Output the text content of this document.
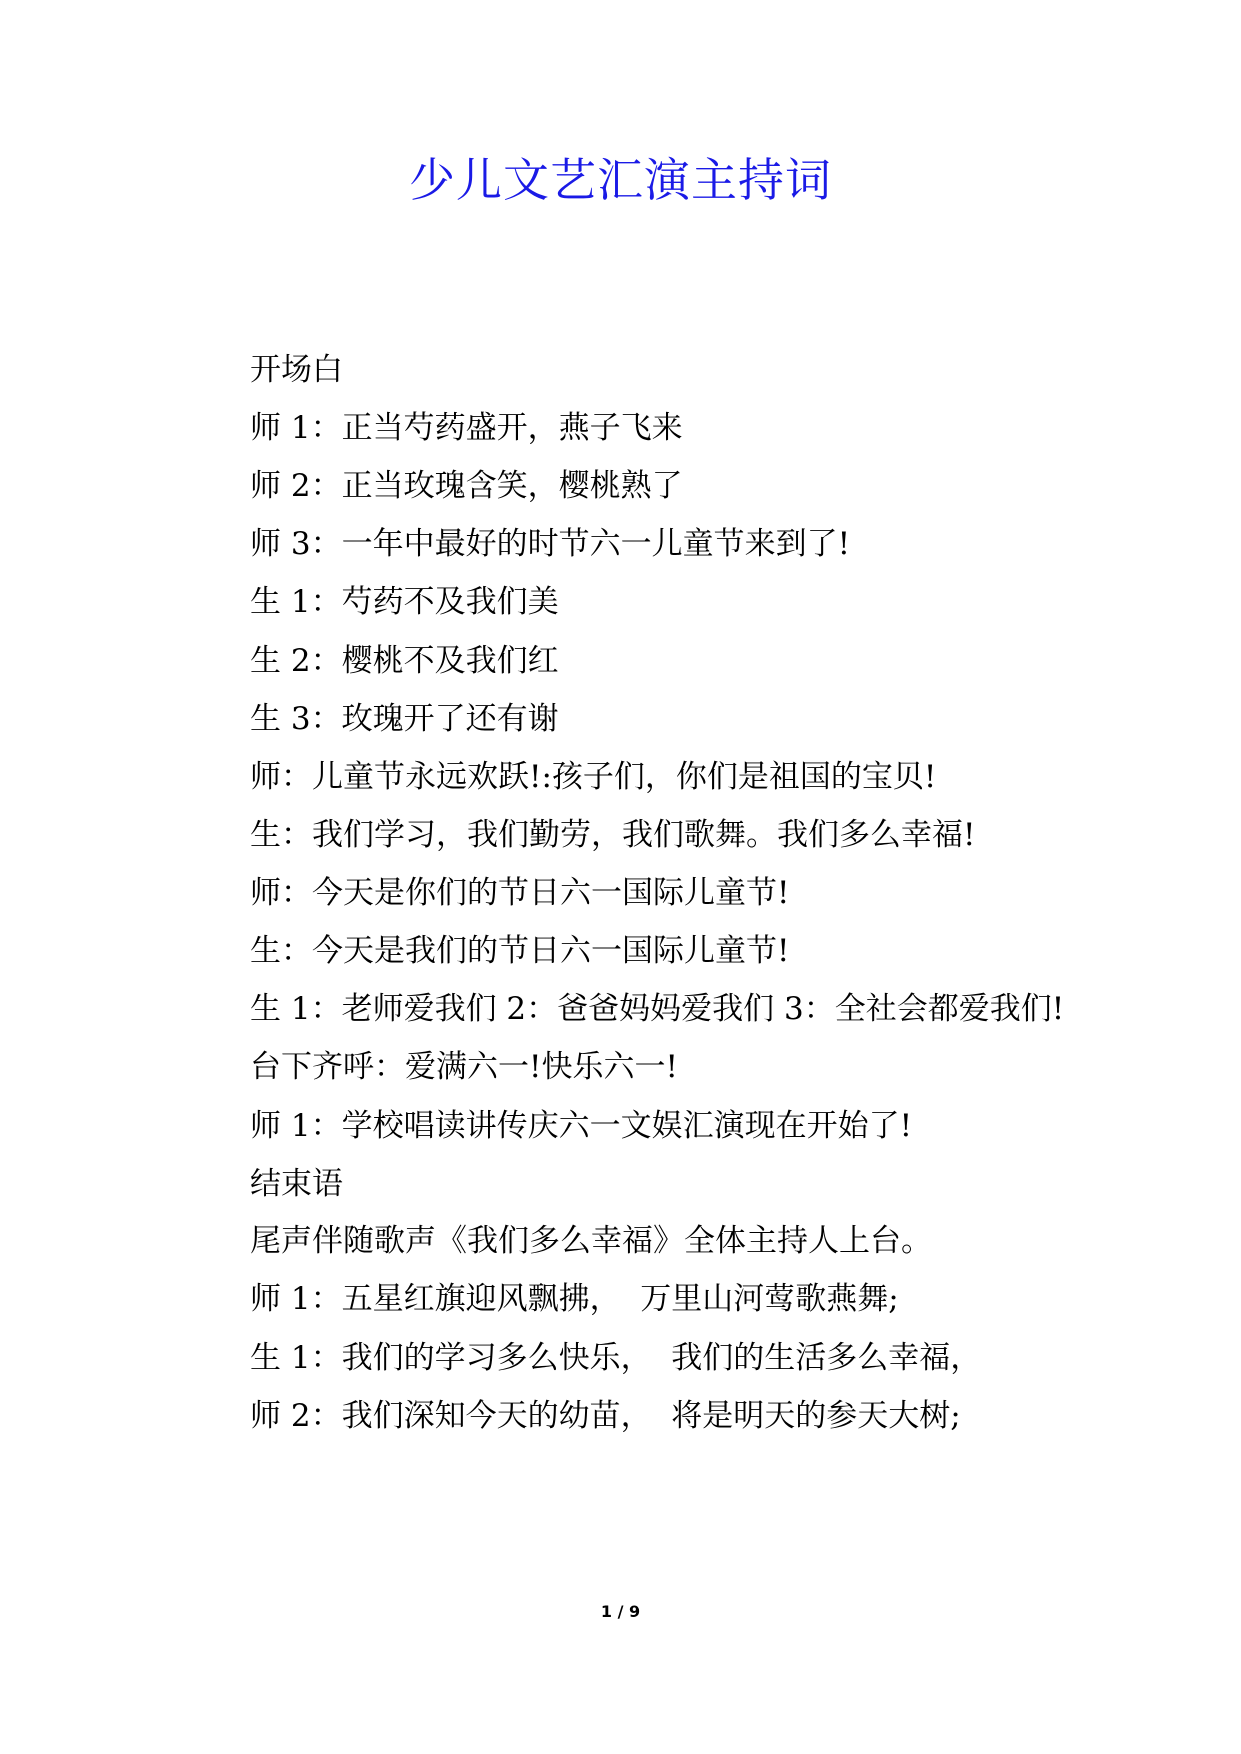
少儿文艺汇演主持词

开场白

师 1：正当芍药盛开，燕子飞来

师 2：正当玫瑰含笑，樱桃熟了

师 3：一年中最好的时节六一儿童节来到了!

生 1：芍药不及我们美

生 2：樱桃不及我们红

生 3：玫瑰开了还有谢

师：儿童节永远欢跃!:孩子们，你们是祖国的宝贝!

生：我们学习，我们勤劳，我们歌舞。我们多么幸福!

师：今天是你们的节日六一国际儿童节!

生：今天是我们的节日六一国际儿童节!

生 1：老师爱我们 2：爸爸妈妈爱我们 3：全社会都爱我们!

台下齐呼：爱满六一!快乐六一!

师 1：学校唱读讲传庆六一文娱汇演现在开始了!

结束语

尾声伴随歌声《我们多么幸福》全体主持人上台。

师 1：五星红旗迎风飘拂，  万里山河莺歌燕舞;

生 1：我们的学习多么快乐，  我们的生活多么幸福，

师 2：我们深知今天的幼苗，  将是明天的参天大树;

1 / 9
